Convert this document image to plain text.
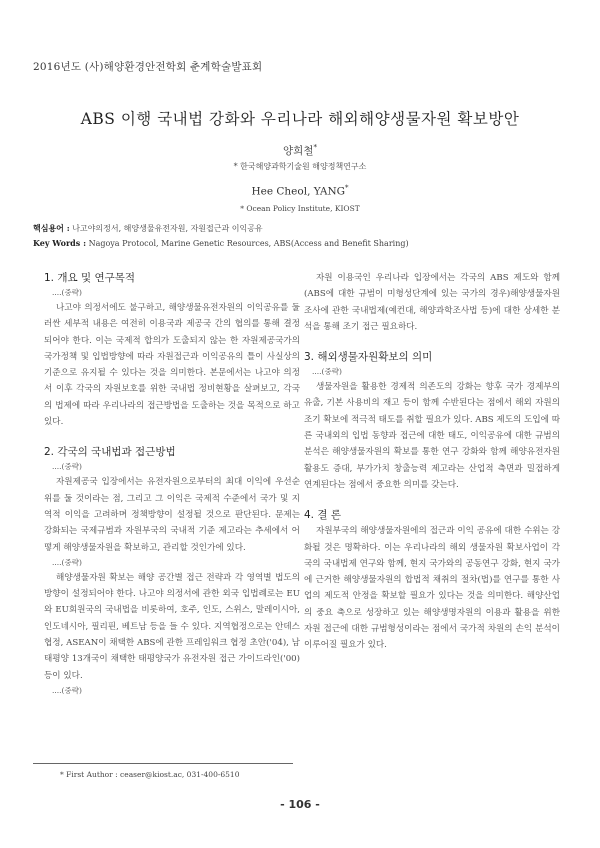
2016년도 (사)해양환경안전학회 춘계학술발표회
ABS 이행 국내법 강화와 우리나라 해외해양생물자원 확보방안
양희철*
* 한국해양과학기술원 해양정책연구소
Hee Cheol, YANG*
* Ocean Policy Institute, KIOST
핵심용어 : 나고야의정서, 해양생물유전자원, 자원접근과 이익공유
Key Words : Nagoya Protocol, Marine Genetic Resources, ABS(Access and Benefit Sharing)
1. 개요 및 연구목적
....(중략)
나고야 의정서에도 불구하고, 해양생물유전자원의 이익공유를 둘러싼 세부적 내용은 여전히 이용국과 제공국 간의 협의를 통해 결정되어야 한다. 이는 국제적 합의가 도출되지 않는 한 자원제공국가의 국가정책 및 입법방향에 따라 자원접근과 이익공유의 틀이 사실상의 기준으로 유지될 수 있다는 것을 의미한다. 본문에서는 나고야 의정서 이후 각국의 자원보호를 위한 국내법 정비현황을 살펴보고, 각국의 법제에 따라 우리나라의 접근방법을 도출하는 것을 목적으로 하고 있다.
2. 각국의 국내법과 접근방법
....(중략)
자원제공국 입장에서는 유전자원으로부터의 최대 이익에 우선순위를 둘 것이라는 점, 그리고 그 이익은 국제적 수준에서 국가 및 지역적 이익을 고려하며 정책방향이 설정될 것으로 판단된다. 문제는 강화되는 국제규범과 자원부국의 국내적 기준 제고라는 추세에서 어떻게 해양생물자원을 확보하고, 관리할 것인가에 있다.
....(중략)
해양생물자원 확보는 해양 공간별 접근 전략과 각 영역별 법도의 방향이 설정되어야 한다. 나고야 의정서에 관한 외국 입법례로는 EU와 EU회원국의 국내법을 비롯하여, 호주, 인도, 스위스, 말레이시아, 인도네시아, 필리핀, 베트남 등을 들 수 있다. 지역협정으로는 안데스협정, ASEAN이 채택한 ABS에 관한 프레임워크 협정 초안('04), 남태평양 13개국이 채택한 태평양국가 유전자원 접근 가이드라인('00) 등이 있다.
....(중략)
자원 이용국인 우리나라 입장에서는 각국의 ABS 제도와 함께 (ABS에 대한 규범이 미형성단계에 있는 국가의 경우)해양생물자원 조사에 관한 국내법제(예컨대, 해양과학조사법 등)에 대한 상세한 분석을 통해 조기 접근 필요하다.
3. 해외생물자원확보의 의미
....(중략)
생물자원을 활용한 경제적 의존도의 강화는 향후 국가 경제부의 유출, 기본 사용비의 재고 등이 함께 수반된다는 점에서 해외 자원의 조기 확보에 적극적 태도를 취할 필요가 있다. ABS 제도의 도입에 따른 국내외의 입법 동향과 접근에 대한 태도, 이익공유에 대한 규범의 분석은 해양생물자원의 확보를 통한 연구 강화와 함께 해양유전자원 활용도 증대, 부가가치 창출능력 제고라는 산업적 측면과 밀접하게 연계된다는 점에서 중요한 의미를 갖는다.
4. 결 론
자원부국의 해양생물자원에의 접근과 이익 공유에 대한 수위는 강화될 것은 명확하다. 이는 우리나라의 해외 생물자원 확보사업이 각국의 국내법제 연구와 함께, 현지 국가와의 공동연구 강화, 현지 국가에 근거한 해양생물자원의 합법적 채취의 절차(법)를 연구를 통한 사업의 제도적 안정을 확보할 필요가 있다는 것을 의미한다. 해양산업의 중요 축으로 성장하고 있는 해양생명자원의 이용과 활용을 위한 자원 접근에 대한 규범형성이라는 점에서 국가적 차원의 손익 분석이 이루어질 필요가 있다.
* First Author : ceaser@kiost.ac, 031-400-6510
- 106 -
